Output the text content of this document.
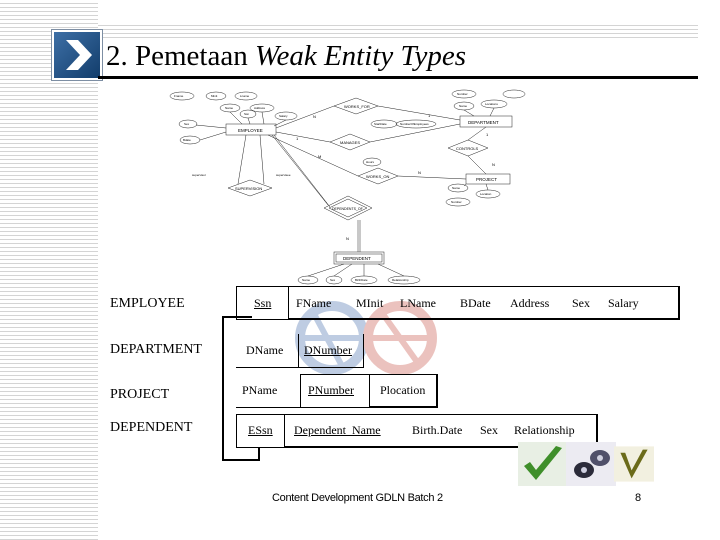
2. Pemetaan Weak Entity Types
EMPLOYEE
DEPARTMENT
PROJECT
DEPENDENT
WORKS_FOR
MANAGES
CONTROLS
WORKS_ON
SUPERVISION
DEPENDENTS_OF
Fname	Minit	Lname
Address
Salary
Sex
Bdate
Name
Ssn
Number
Name	Locations
StartDate	NumberOfEmployees
Hours
Name
Location
Number
Name	Sex	BirthDate	Relationship
N	1
1
1
N
M
N
N
supervisor	supervisee
EMPLOYEE	Ssn FName MInit LName BDate Address Sex Salary
DEPARTMENT	DName DNumber
PROJECT	PName	PNumber Plocation
DEPENDENT	ESsn Dependent_Name	Birth.Date Sex Relationship
Content Development GDLN Batch 2	8
